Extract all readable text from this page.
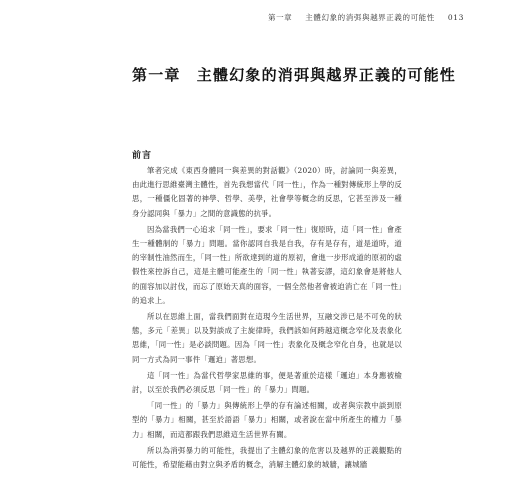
第一章 主體幻象的消弭與越界正義的可能性 013
第一章　主體幻象的消弭與越界正義的可能性
前言

筆者完成《東西身體同一與差異的對話觀》（2020）時，討論同一與差異，由此進行思維臺灣主體性，首先我想當代「同一性」，作為一種對傳統形上學的反思，一種僵化固著的神學、哲學、美學，社會學等概念的反思，它甚至涉及一種身分認同與「暴力」之間的意識態的抗爭。

因為當我們一心追求「同一性」，要求「同一性」復原時，這「同一性」會產生一種體制的「暴力」問題。當你認同自我是自我，存有是存有，道是道時，道的宰制性油然而生，「同一性」所欲達到的道的原初，會進一步形成道的原初的虛假性來控訴自己，這是主體可能產生的「同一性」執著妄謬，這幻象會是將他人的面容加以討伐，而忘了原始天真的面容，一個全然他者會被迫消亡在「同一性」的追求上。

所以在思維上面，當我們面對在這現今生活世界，互融交涉已是不可免的狀態，多元「差異」以及對談成了主旋律時，我們該如何跨越這概念窄化及表象化思維，「同一性」是必談問題。因為「同一性」表象化及概念窄化自身，也就是以同一方式為同一事件「邏迫」著思想。

這「同一性」為當代哲學家思維的事，便是著重於這樣「邏迫」本身應被檢討，以至於我們必須反思「同一性」的「暴力」問題。

「同一性」的「暴力」與傳統形上學的存有論述相關，或者與宗教中談到原型的「暴力」相關，甚至於語語「暴力」相關，或者說在當中所產生的權力「暴力」相關，而這都跟我們思維這生活世界有關。

所以為消弭暴力的可能性，我提出了主體幻象的危害以及越界的正義觀點的可能性，希望能藉由對立與矛盾的概念，消解主體幻象的城牆，讓城牆
